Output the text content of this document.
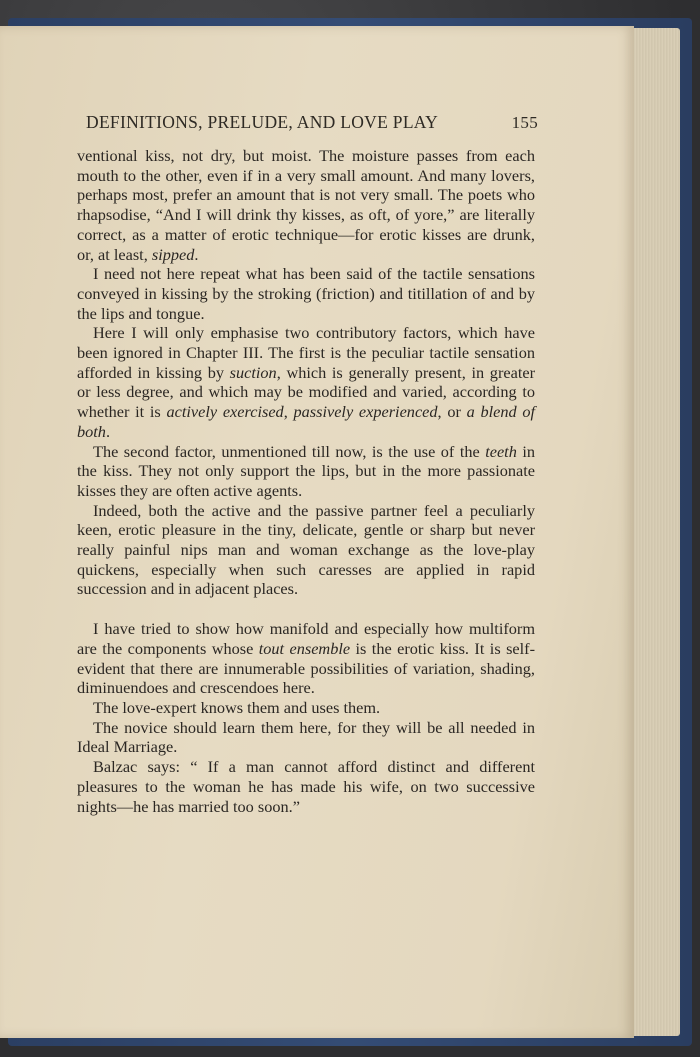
DEFINITIONS, PRELUDE, AND LOVE PLAY	155

ventional kiss, not dry, but moist. The moisture passes from each mouth to the other, even if in a very small amount. And many lovers, perhaps most, prefer an amount that is not very small. The poets who rhapsodise, “And I will drink thy kisses, as oft, of yore,” are literally correct, as a matter of erotic technique—for erotic kisses are drunk, or, at least, sipped.

I need not here repeat what has been said of the tactile sensations conveyed in kissing by the stroking (friction) and titillation of and by the lips and tongue.

Here I will only emphasise two contributory factors, which have been ignored in Chapter III. The first is the peculiar tactile sensation afforded in kissing by suction, which is generally present, in greater or less degree, and which may be modified and varied, according to whether it is actively exercised, passively experienced, or a blend of both.

The second factor, unmentioned till now, is the use of the teeth in the kiss. They not only support the lips, but in the more passionate kisses they are often active agents.

Indeed, both the active and the passive partner feel a peculiarly keen, erotic pleasure in the tiny, delicate, gentle or sharp but never really painful nips man and woman exchange as the love-play quickens, especially when such caresses are applied in rapid succession and in adjacent places.

I have tried to show how manifold and especially how multiform are the components whose tout ensemble is the erotic kiss. It is self-evident that there are innumerable possibilities of variation, shading, diminuendoes and crescendoes here.

The love-expert knows them and uses them.

The novice should learn them here, for they will be all needed in Ideal Marriage.

Balzac says: “ If a man cannot afford distinct and different pleasures to the woman he has made his wife, on two successive nights—he has married too soon.”
